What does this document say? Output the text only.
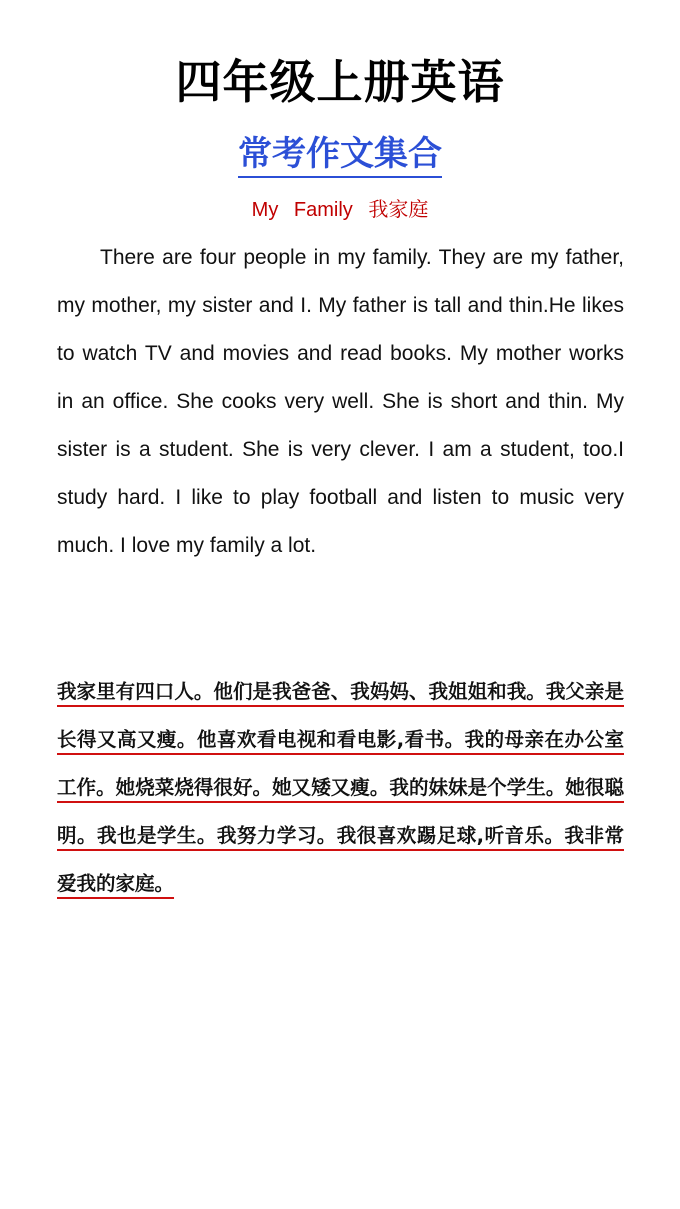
四年级上册英语
常考作文集合
My Family 我家庭

There are four people in my family. They are my father, my mother, my sister and I. My father is tall and thin.He likes to watch TV and movies and read books. My mother works in an office. She cooks very well. She is short and thin. My sister is a student. She is very clever. I am a student, too.I study hard. I like to play football and listen to music very much. I love my family a lot.

我家里有四口人。他们是我爸爸、我妈妈、我姐姐和我。我父亲是长得又高又瘦。他喜欢看电视和看电影,看书。我的母亲在办公室工作。她烧菜烧得很好。她又矮又瘦。我的妹妹是个学生。她很聪明。我也是学生。我努力学习。我很喜欢踢足球,听音乐。我非常爱我的家庭。
